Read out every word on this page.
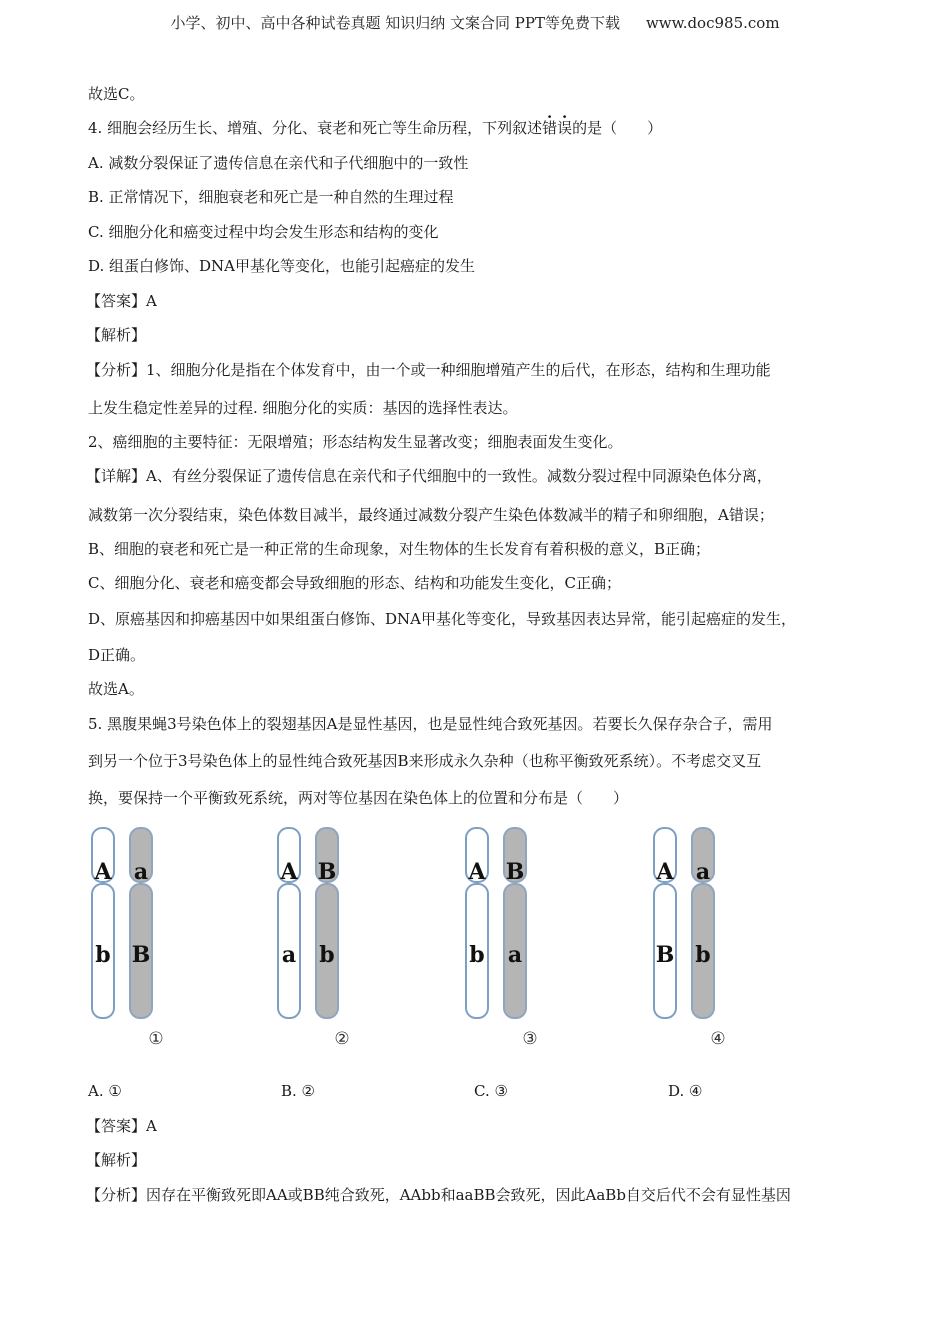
小学、初中、高中各种试卷真题 知识归纳 文案合同 PPT等免费下载 www.doc985.com
故选C。
4. 细胞会经历生长、增殖、分化、衰老和死亡等生命历程，下列叙述错误的是（　　）
A. 减数分裂保证了遗传信息在亲代和子代细胞中的一致性
B. 正常情况下，细胞衰老和死亡是一种自然的生理过程
C. 细胞分化和癌变过程中均会发生形态和结构的变化
D. 组蛋白修饰、DNA甲基化等变化，也能引起癌症的发生
【答案】A
【解析】
【分析】1、细胞分化是指在个体发育中，由一个或一种细胞增殖产生的后代，在形态，结构和生理功能
上发生稳定性差异的过程. 细胞分化的实质：基因的选择性表达。
2、癌细胞的主要特征：无限增殖；形态结构发生显著改变；细胞表面发生变化。
【详解】A、有丝分裂保证了遗传信息在亲代和子代细胞中的一致性。减数分裂过程中同源染色体分离，
减数第一次分裂结束，染色体数目减半，最终通过减数分裂产生染色体数减半的精子和卵细胞，A错误；
B、细胞的衰老和死亡是一种正常的生命现象，对生物体的生长发育有着积极的意义，B正确；
C、细胞分化、衰老和癌变都会导致细胞的形态、结构和功能发生变化，C正确；
D、原癌基因和抑癌基因中如果组蛋白修饰、DNA甲基化等变化，导致基因表达异常，能引起癌症的发生，
D正确。
故选A。
5. 黑腹果蝇3号染色体上的裂翅基因A是显性基因，也是显性纯合致死基因。若要长久保存杂合子，需用
到另一个位于3号染色体上的显性纯合致死基因B来形成永久杂种（也称平衡致死系统）。不考虑交叉互
换，要保持一个平衡致死系统，两对等位基因在染色体上的位置和分布是（　　）
A
b
a
B
①
A
a
B
b
②
A
b
B
a
③
A
B
a
b
④
A. ①	B. ②	C. ③	D. ④
【答案】A
【解析】
【分析】因存在平衡致死即AA或BB纯合致死，AAbb和aaBB会致死，因此AaBb自交后代不会有显性基因
